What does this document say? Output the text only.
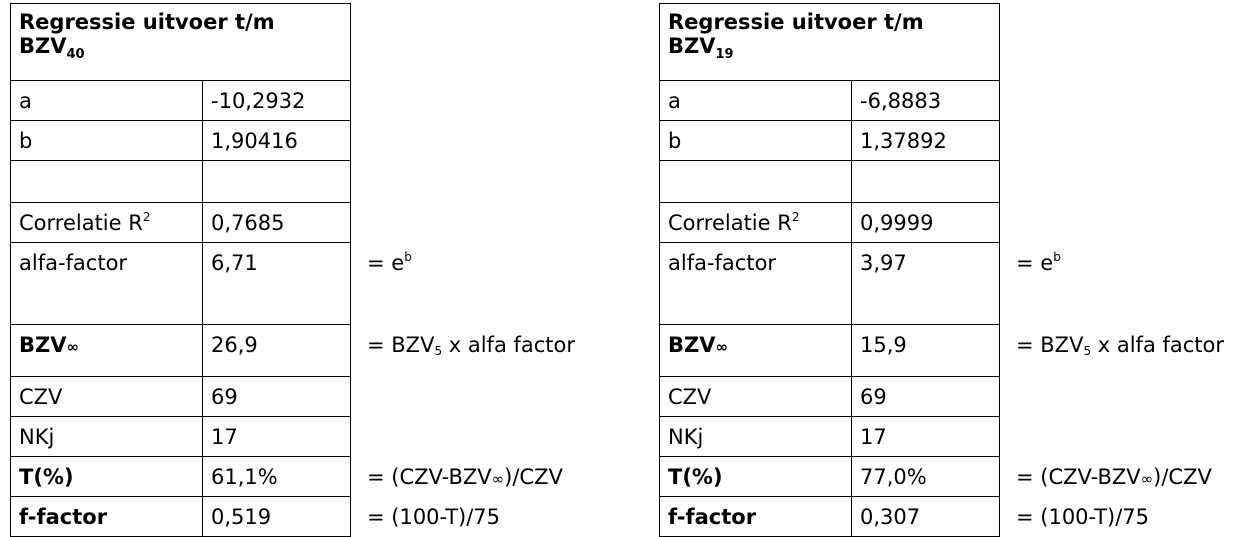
Regressie uitvoer t/m
$BZV_{40}$	
a	-10,2932	
b	1,90416	

Correlatie $R^2$	0,7685	
alfa-factor	6,71	= $e^b$
BZV∞	26,9	= $BZV_5$ x alfa factor
CZV	69	
NKj	17	
T(%)	61,1%	= (CZV-BZV∞)/CZV
f-factor	0,519	= (100-T)/75
Regressie uitvoer t/m
$BZV_{19}$	
a	-6,8883	
b	1,37892	

Correlatie $R^2$	0,9999	
alfa-factor	3,97	= $e^b$
BZV∞	15,9	= $BZV_5$ x alfa factor
CZV	69	
NKj	17	
T(%)	77,0%	= (CZV-BZV∞)/CZV
f-factor	0,307	= (100-T)/75
